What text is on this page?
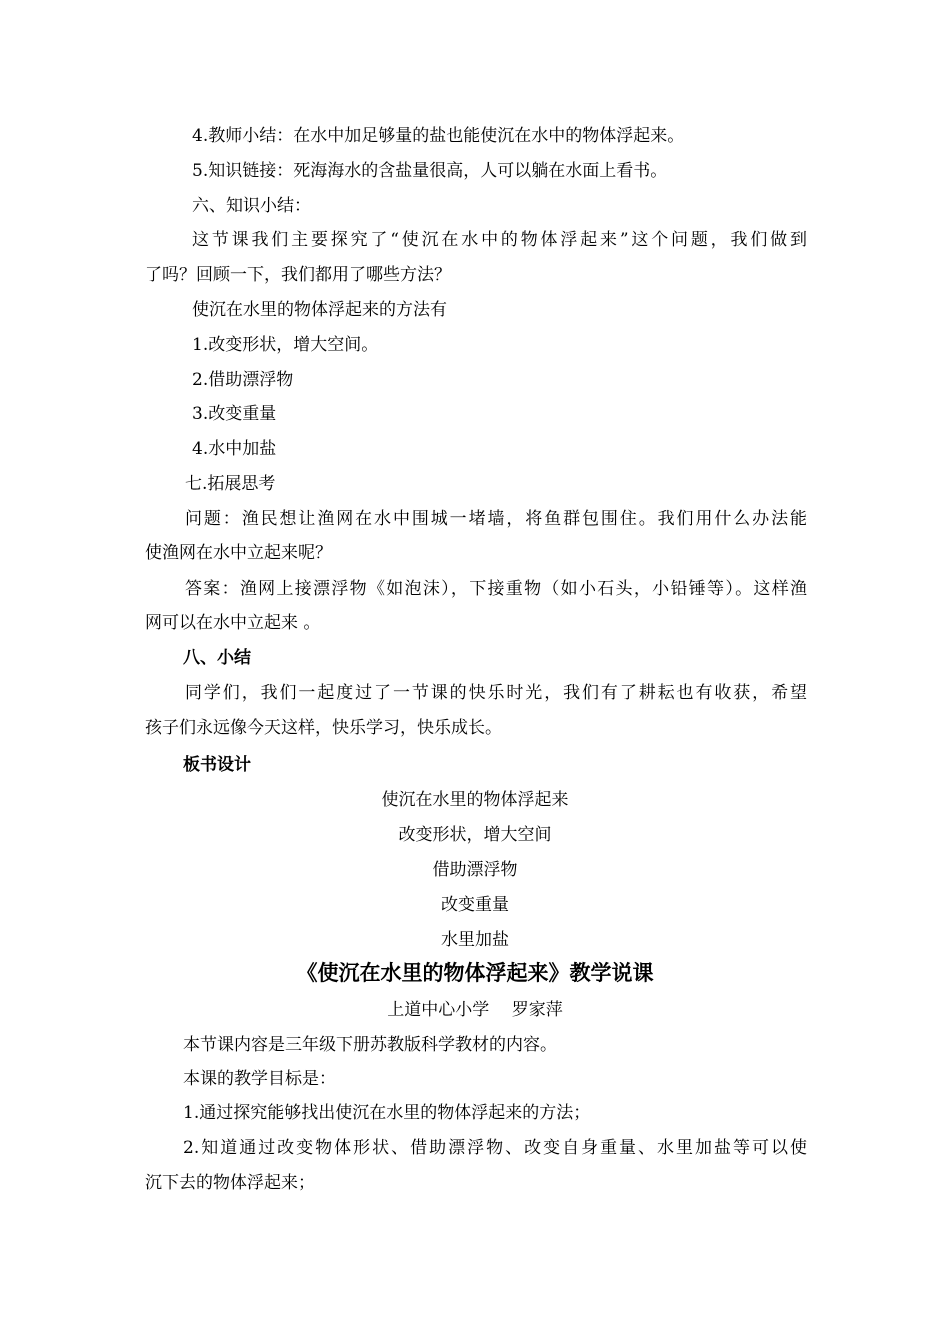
4.教师小结：在水中加足够量的盐也能使沉在水中的物体浮起来。
5.知识链接：死海海水的含盐量很高，人可以躺在水面上看书。
六、知识小结：
这节课我们主要探究了“使沉在水中的物体浮起来”这个问题，我们做到
了吗？回顾一下，我们都用了哪些方法？
使沉在水里的物体浮起来的方法有
1.改变形状，增大空间。
2.借助漂浮物
3.改变重量
4.水中加盐
七.拓展思考
问题：渔民想让渔网在水中围城一堵墙，将鱼群包围住。我们用什么办法能
使渔网在水中立起来呢？
答案：渔网上接漂浮物《如泡沫），下接重物（如小石头，小铅锤等）。这样渔
网可以在水中立起来 。
八、小结
同学们，我们一起度过了一节课的快乐时光，我们有了耕耘也有收获，希望
孩子们永远像今天这样，快乐学习，快乐成长。
板书设计
使沉在水里的物体浮起来
改变形状，增大空间
借助漂浮物
改变重量
水里加盐
《使沉在水里的物体浮起来》教学说课
上道中心小学　 罗家萍
本节课内容是三年级下册苏教版科学教材的内容。
本课的教学目标是：
1.通过探究能够找出使沉在水里的物体浮起来的方法；
2.知道通过改变物体形状、借助漂浮物、改变自身重量、水里加盐等可以使
沉下去的物体浮起来；
